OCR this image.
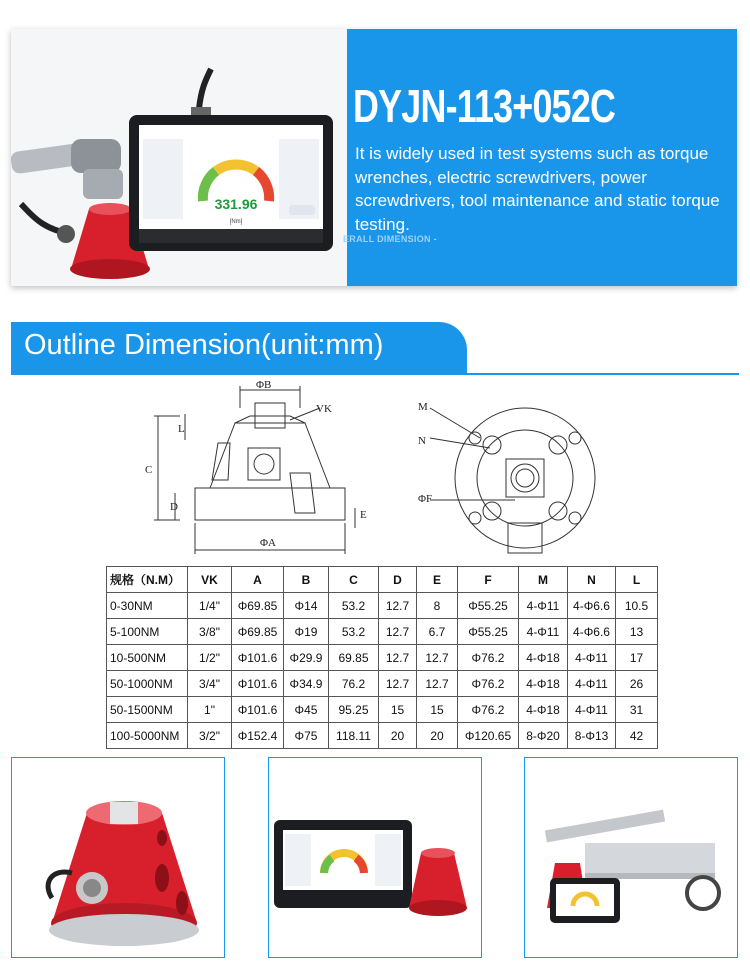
331.96
[Nm]
ERALL DIMENSION -
DYJN-113+052C
It is widely used in test systems such as torque wrenches, electric screwdrivers, power screwdrivers, tool maintenance and static torque testing.
Outline Dimension(unit:mm)
ΦB
VK
L
C
D
E
ΦA
M
N
ΦF
规格（N.M）	VK	A	B	C	D	E	F	M	N	L
0-30NM	1/4"	Φ69.85	Φ14	53.2	12.7	8	Φ55.25	4-Φ11	4-Φ6.6	10.5
5-100NM	3/8"	Φ69.85	Φ19	53.2	12.7	6.7	Φ55.25	4-Φ11	4-Φ6.6	13
10-500NM	1/2"	Φ101.6	Φ29.9	69.85	12.7	12.7	Φ76.2	4-Φ18	4-Φ11	17
50-1000NM	3/4"	Φ101.6	Φ34.9	76.2	12.7	12.7	Φ76.2	4-Φ18	4-Φ11	26
50-1500NM	1"	Φ101.6	Φ45	95.25	15	15	Φ76.2	4-Φ18	4-Φ11	31
100-5000NM	3/2"	Φ152.4	Φ75	118.11	20	20	Φ120.65	8-Φ20	8-Φ13	42
